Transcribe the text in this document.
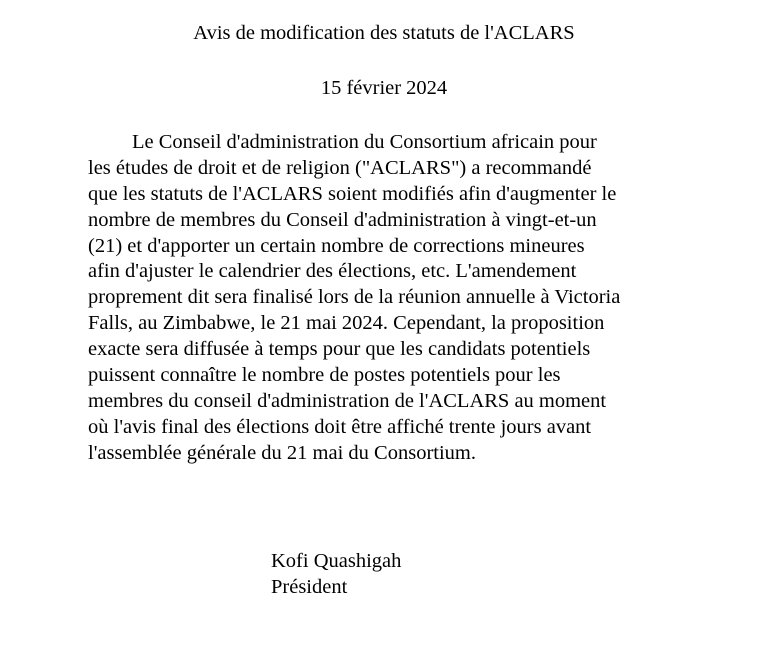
Avis de modification des statuts de l'ACLARS
15 février 2024
Le Conseil d'administration du Consortium africain pour
les études de droit et de religion ("ACLARS") a recommandé
que les statuts de l'ACLARS soient modifiés afin d'augmenter le
nombre de membres du Conseil d'administration à vingt-et-un
(21) et d'apporter un certain nombre de corrections mineures
afin d'ajuster le calendrier des élections, etc. L'amendement
proprement dit sera finalisé lors de la réunion annuelle à Victoria
Falls, au Zimbabwe, le 21 mai 2024. Cependant, la proposition
exacte sera diffusée à temps pour que les candidats potentiels
puissent connaître le nombre de postes potentiels pour les
membres du conseil d'administration de l'ACLARS au moment
où l'avis final des élections doit être affiché trente jours avant
l'assemblée générale du 21 mai du Consortium.
Kofi Quashigah
Président
